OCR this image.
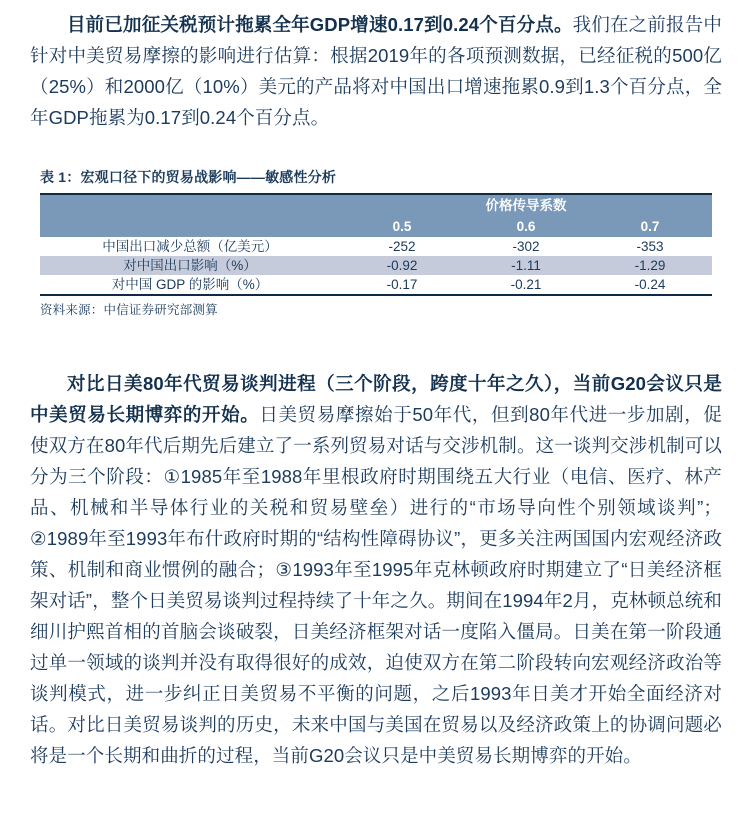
目前已加征关税预计拖累全年GDP增速0.17到0.24个百分点。我们在之前报告中针对中美贸易摩擦的影响进行估算：根据2019年的各项预测数据，已经征税的500亿（25%）和2000亿（10%）美元的产品将对中国出口增速拖累0.9到1.3个百分点，全年GDP拖累为0.17到0.24个百分点。

表 1：宏观口径下的贸易战影响——敏感性分析
	价格传导系数		
	0.5	0.6	0.7
中国出口减少总额（亿美元）	-252	-302	-353
对中国出口影响（%）	-0.92	-1.11	-1.29
对中国 GDP 的影响（%）	-0.17	-0.21	-0.24
资料来源：中信证券研究部测算

对比日美80年代贸易谈判进程（三个阶段，跨度十年之久），当前G20会议只是中美贸易长期博弈的开始。日美贸易摩擦始于50年代，但到80年代进一步加剧，促使双方在80年代后期先后建立了一系列贸易对话与交涉机制。这一谈判交涉机制可以分为三个阶段：①1985年至1988年里根政府时期围绕五大行业（电信、医疗、林产品、机械和半导体行业的关税和贸易壁垒）进行的“市场导向性个别领域谈判”；②1989年至1993年布什政府时期的“结构性障碍协议”，更多关注两国国内宏观经济政策、机制和商业惯例的融合；③1993年至1995年克林顿政府时期建立了“日美经济框架对话”，整个日美贸易谈判过程持续了十年之久。期间在1994年2月，克林顿总统和细川护熙首相的首脑会谈破裂，日美经济框架对话一度陷入僵局。日美在第一阶段通过单一领域的谈判并没有取得很好的成效，迫使双方在第二阶段转向宏观经济政治等谈判模式，进一步纠正日美贸易不平衡的问题，之后1993年日美才开始全面经济对话。对比日美贸易谈判的历史，未来中国与美国在贸易以及经济政策上的协调问题必将是一个长期和曲折的过程，当前G20会议只是中美贸易长期博弈的开始。
